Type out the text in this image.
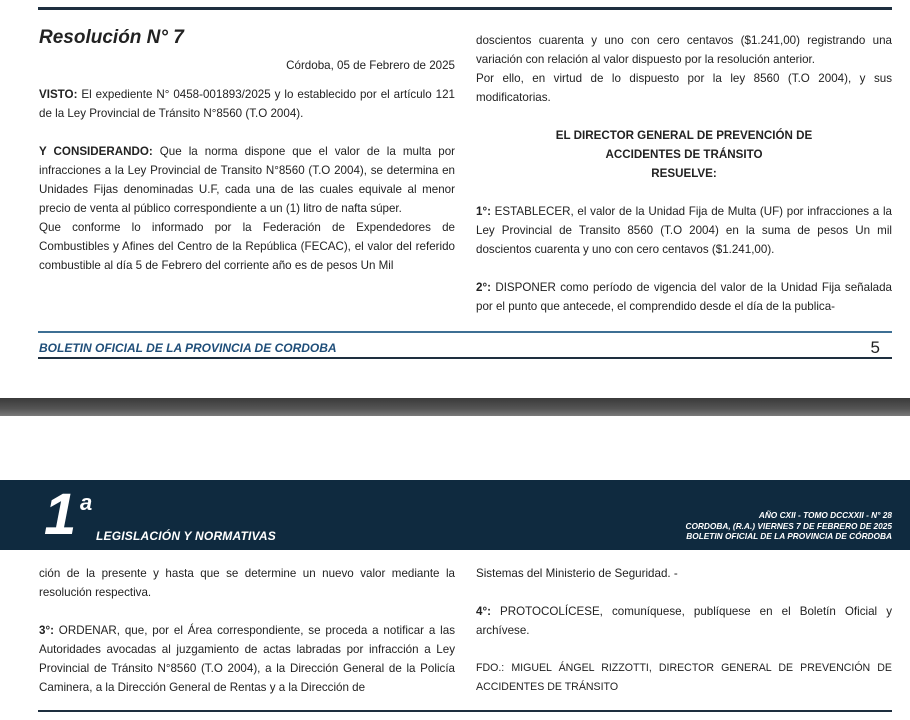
Resolución N° 7

Córdoba, 05 de Febrero de 2025

VISTO: El expediente N° 0458-001893/2025 y lo establecido por el artículo 121 de la Ley Provincial de Tránsito N°8560 (T.O 2004).

Y CONSIDERANDO: Que la norma dispone que el valor de la multa por infracciones a la Ley Provincial de Transito N°8560 (T.O 2004), se determina en Unidades Fijas denominadas U.F, cada una de las cuales equivale al menor precio de venta al público correspondiente a un (1) litro de nafta súper.

Que conforme lo informado por la Federación de Expendedores de Combustibles y Afines del Centro de la República (FECAC), el valor del referido combustible al día 5 de Febrero del corriente año es de pesos Un Mil

doscientos cuarenta y uno con cero centavos ($1.241,00) registrando una variación con relación al valor dispuesto por la resolución anterior.

Por ello, en virtud de lo dispuesto por la ley 8560 (T.O 2004), y sus modificatorias.

EL DIRECTOR GENERAL DE PREVENCIÓN DE

ACCIDENTES DE TRÁNSITO

RESUELVE:

1°: ESTABLECER, el valor de la Unidad Fija de Multa (UF) por infracciones a la Ley Provincial de Transito 8560 (T.O 2004) en la suma de pesos Un mil doscientos cuarenta y uno con cero centavos ($1.241,00).

2°: DISPONER como período de vigencia del valor de la Unidad Fija señalada por el punto que antecede, el comprendido desde el día de la publica-

BOLETIN OFICIAL DE LA PROVINCIA DE CORDOBA	5
1 a
LEGISLACIÓN Y NORMATIVAS
AÑO CXII - TOMO DCCXXII - N° 28
CORDOBA, (R.A.) VIERNES 7 DE FEBRERO DE 2025
BOLETIN OFICIAL DE LA PROVINCIA DE CÓRDOBA

ción de la presente y hasta que se determine un nuevo valor mediante la resolución respectiva.

3°: ORDENAR, que, por el Área correspondiente, se proceda a notificar a las Autoridades avocadas al juzgamiento de actas labradas por infracción a Ley Provincial de Tránsito N°8560 (T.O 2004), a la Dirección General de la Policía Caminera, a la Dirección General de Rentas y a la Dirección de

Sistemas del Ministerio de Seguridad. -

4°: PROTOCOLÍCESE, comuníquese, publíquese en el Boletín Oficial y archívese.

FDO.: MIGUEL ÁNGEL RIZZOTTI, DIRECTOR GENERAL DE PREVENCIÓN DE ACCIDENTES DE TRÁNSITO
